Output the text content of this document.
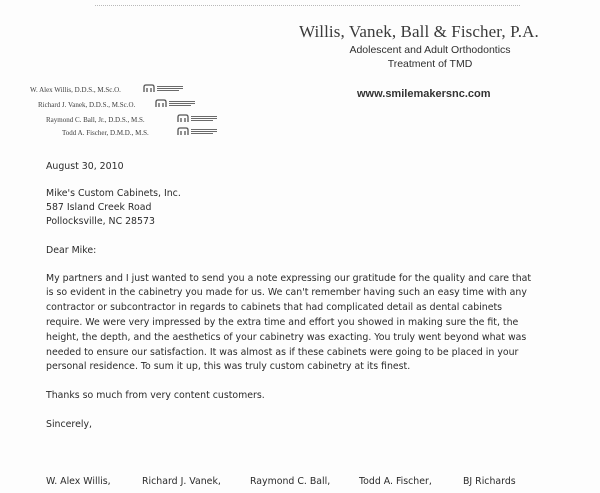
Willis, Vanek, Ball & Fischer, P.A.
Adolescent and Adult Orthodontics
Treatment of TMD
www.smilemakersnc.com
W. Alex Willis, D.D.S., M.Sc.O.
Richard J. Vanek, D.D.S., M.Sc.O.
Raymond C. Ball, Jr., D.D.S., M.S.
Todd A. Fischer, D.M.D., M.S.
August 30, 2010
Mike's Custom Cabinets, Inc.
587 Island Creek Road
Pollocksville, NC 28573
Dear Mike:
My partners and I just wanted to send you a note expressing our gratitude for the quality and care that
is so evident in the cabinetry you made for us. We can't remember having such an easy time with any
contractor or subcontractor in regards to cabinets that had complicated detail as dental cabinets
require. We were very impressed by the extra time and effort you showed in making sure the fit, the
height, the depth, and the aesthetics of your cabinetry was exacting. You truly went beyond what was
needed to ensure our satisfaction. It was almost as if these cabinets were going to be placed in your
personal residence. To sum it up, this was truly custom cabinetry at its finest.
Thanks so much from very content customers.
Sincerely,
W. Alex Willis,	Richard J. Vanek,	Raymond C. Ball,	Todd A. Fischer,	BJ Richards
